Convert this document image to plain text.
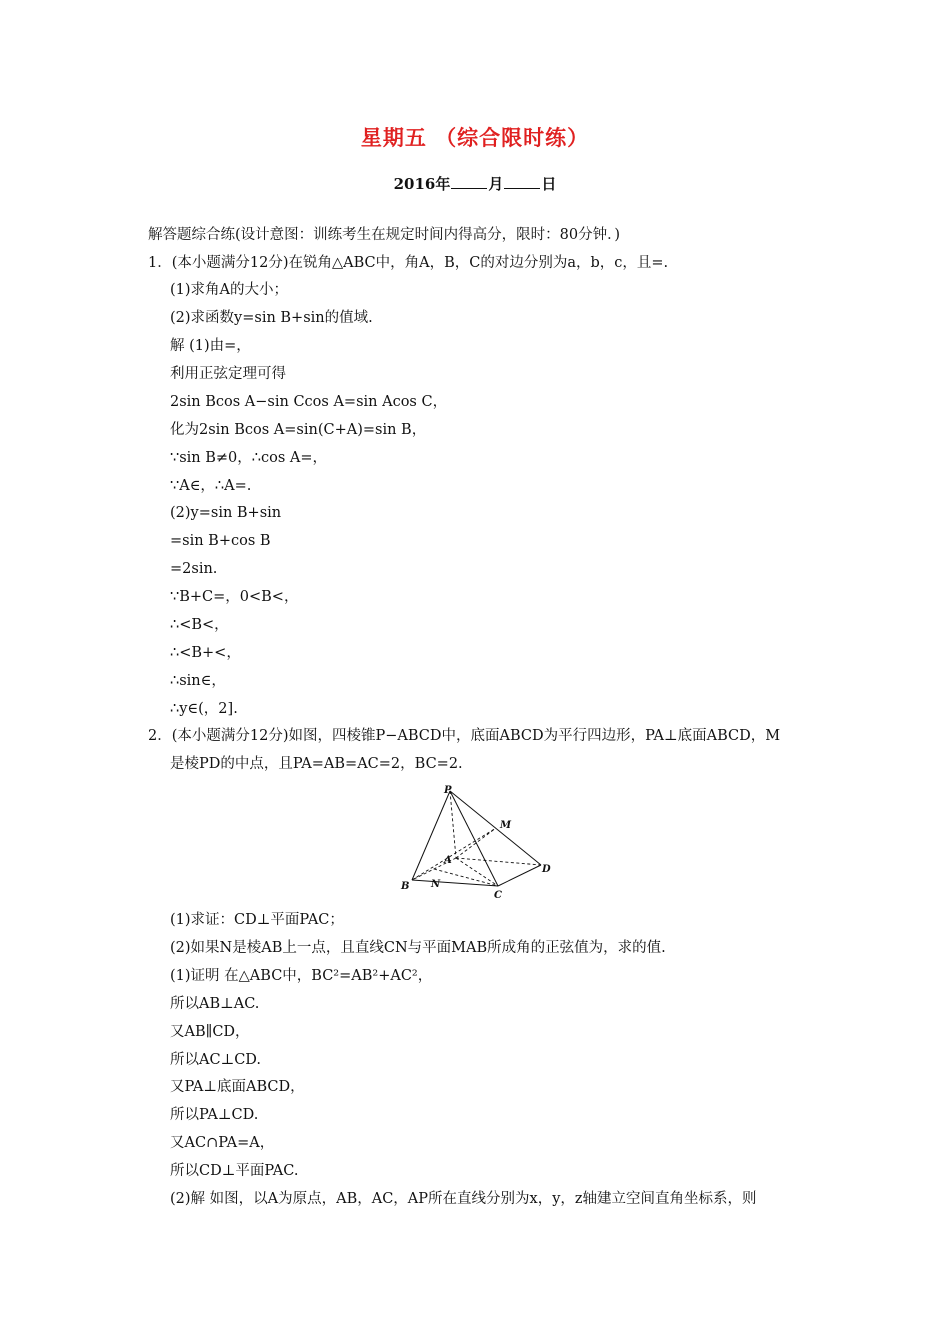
星期五 （综合限时练）
2016年	月	日
解答题综合练(设计意图：训练考生在规定时间内得高分，限时：80分钟．)
1．(本小题满分12分)在锐角△ABC中，角A，B，C的对边分别为a，b，c，且=.
(1)求角A的大小；
(2)求函数y=sin B+sin的值域.
解 (1)由=，
利用正弦定理可得
2sin Bcos A−sin Ccos A=sin Acos C，
化为2sin Bcos A=sin(C+A)=sin B，
∵sin B≠0，∴cos A=，
∵A∈，∴A=.
(2)y=sin B+sin
=sin B+cos B
=2sin.
∵B+C=，0<B<，
∴<B<，
∴<B+<，
∴sin∈，
∴y∈(，2].
2．(本小题满分12分)如图，四棱锥P−ABCD中，底面ABCD为平行四边形，PA⊥底面ABCD，M
是棱PD的中点，且PA=AB=AC=2，BC=2.
P
M
A
D
B N
C
(1)求证：CD⊥平面PAC；
(2)如果N是棱AB上一点，且直线CN与平面MAB所成角的正弦值为，求的值.
(1)证明 在△ABC中，BC²=AB²+AC²，
所以AB⊥AC.
又AB∥CD，
所以AC⊥CD.
又PA⊥底面ABCD，
所以PA⊥CD.
又AC∩PA=A，
所以CD⊥平面PAC.
(2)解 如图，以A为原点，AB，AC，AP所在直线分别为x，y，z轴建立空间直角坐标系，则
